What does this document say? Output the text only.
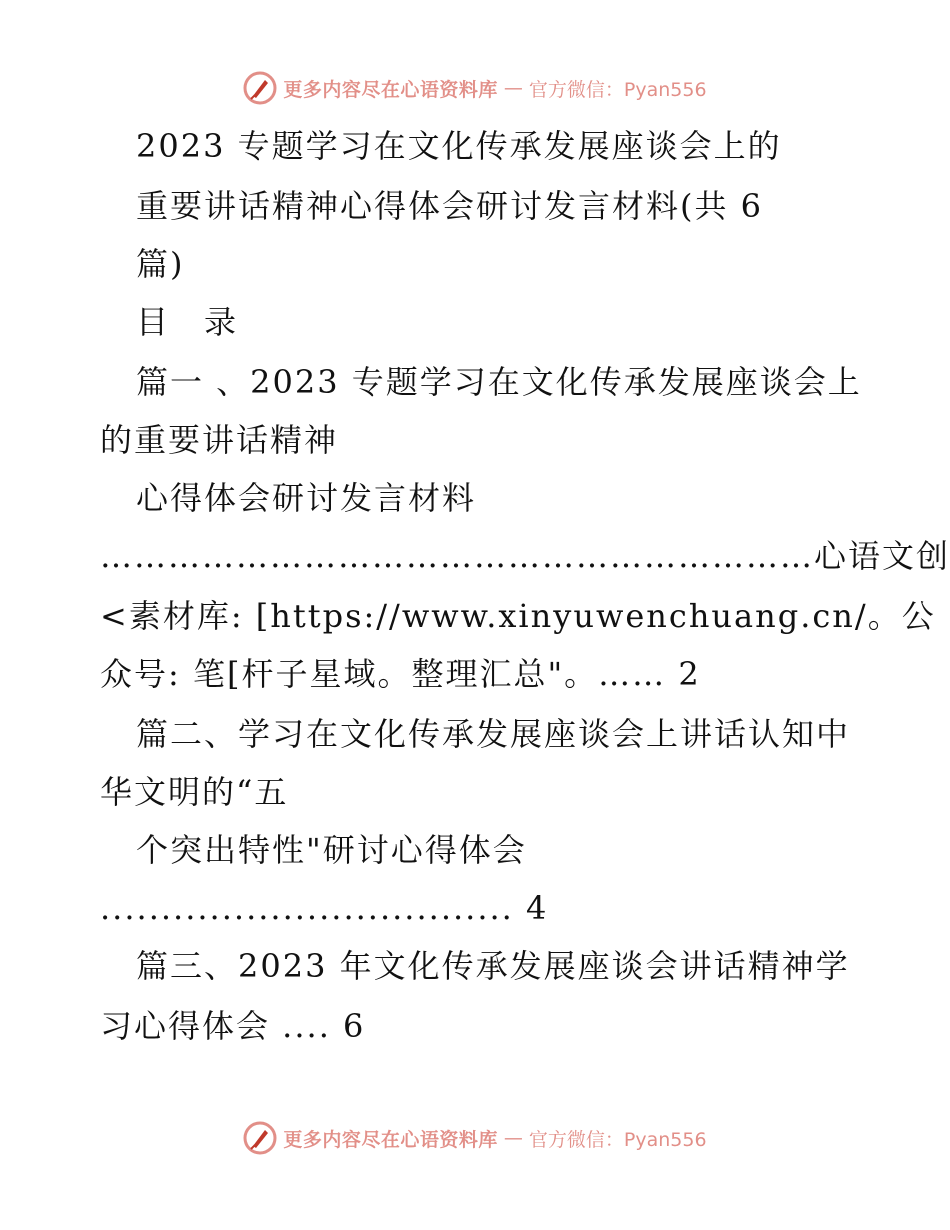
更多内容尽在心语资料库 — 官方微信：Pyan556
2023 专题学习在文化传承发展座谈会上的
重要讲话精神心得体会研讨发言材料(共 6
篇)
目　录
篇一 、2023 专题学习在文化传承发展座谈会上
的重要讲话精神
心得体会研讨发言材料
………………………………………………………心语文创
<素材库: [https://www.xinyuwenchuang.cn/。公
众号: 笔[杆子星域。整理汇总"。…… 2
篇二、学习在文化传承发展座谈会上讲话认知中
华文明的“五
个突出特性"研讨心得体会
.................................. 4
篇三、2023 年文化传承发展座谈会讲话精神学
习心得体会 .... 6
更多内容尽在心语资料库 — 官方微信：Pyan556
